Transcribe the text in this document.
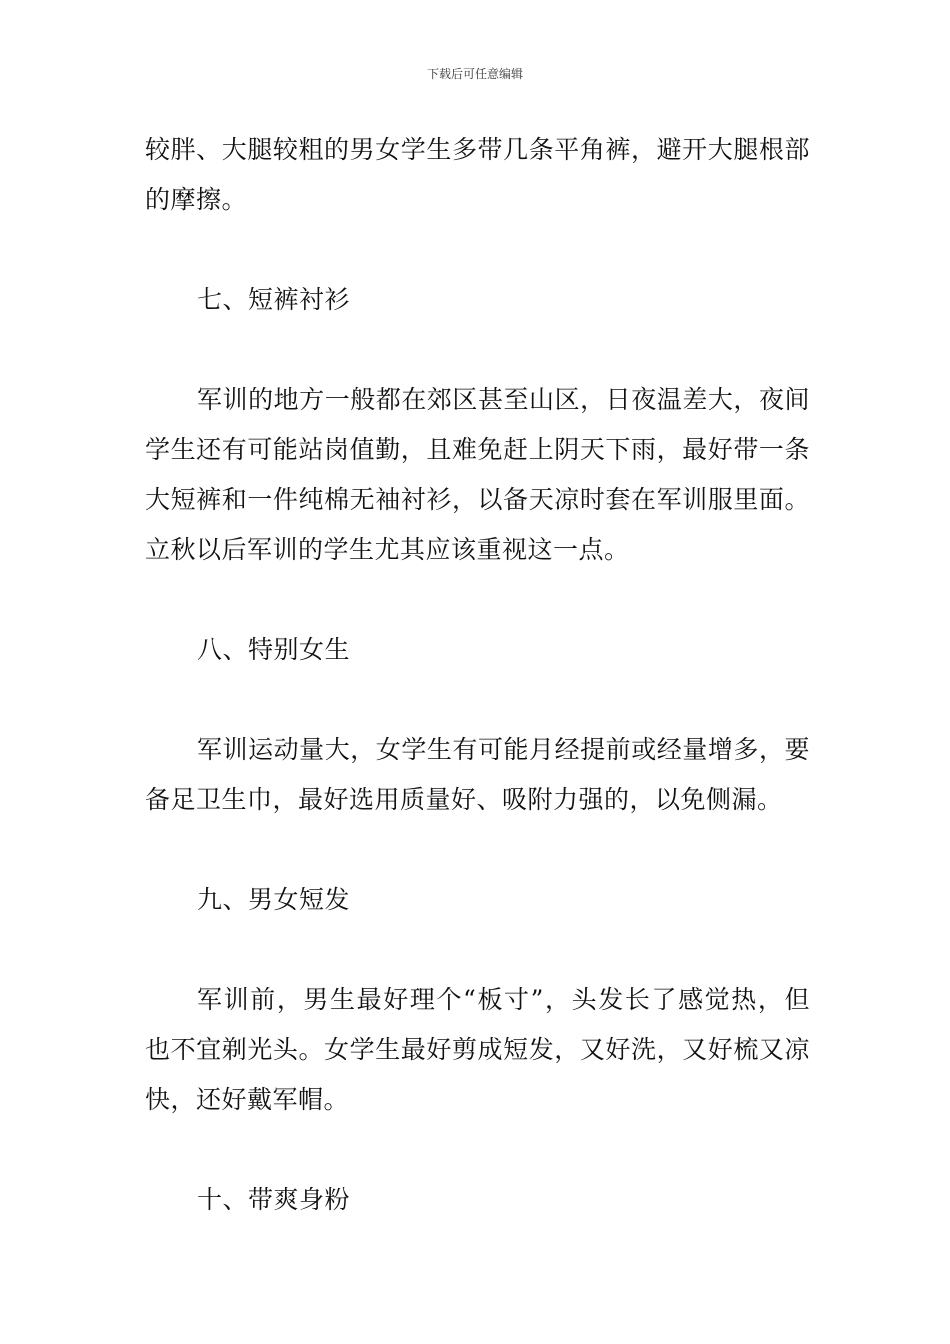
下载后可任意编辑

较胖、大腿较粗的男女学生多带几条平角裤，避开大腿根部的摩擦。

七、短裤衬衫

军训的地方一般都在郊区甚至山区，日夜温差大，夜间学生还有可能站岗值勤，且难免赶上阴天下雨，最好带一条大短裤和一件纯棉无袖衬衫，以备天凉时套在军训服里面。立秋以后军训的学生尤其应该重视这一点。

八、特别女生

军训运动量大，女学生有可能月经提前或经量增多，要备足卫生巾，最好选用质量好、吸附力强的，以免侧漏。

九、男女短发

军训前，男生最好理个“板寸”，头发长了感觉热，但也不宜剃光头。女学生最好剪成短发，又好洗，又好梳又凉快，还好戴军帽。

十、带爽身粉
